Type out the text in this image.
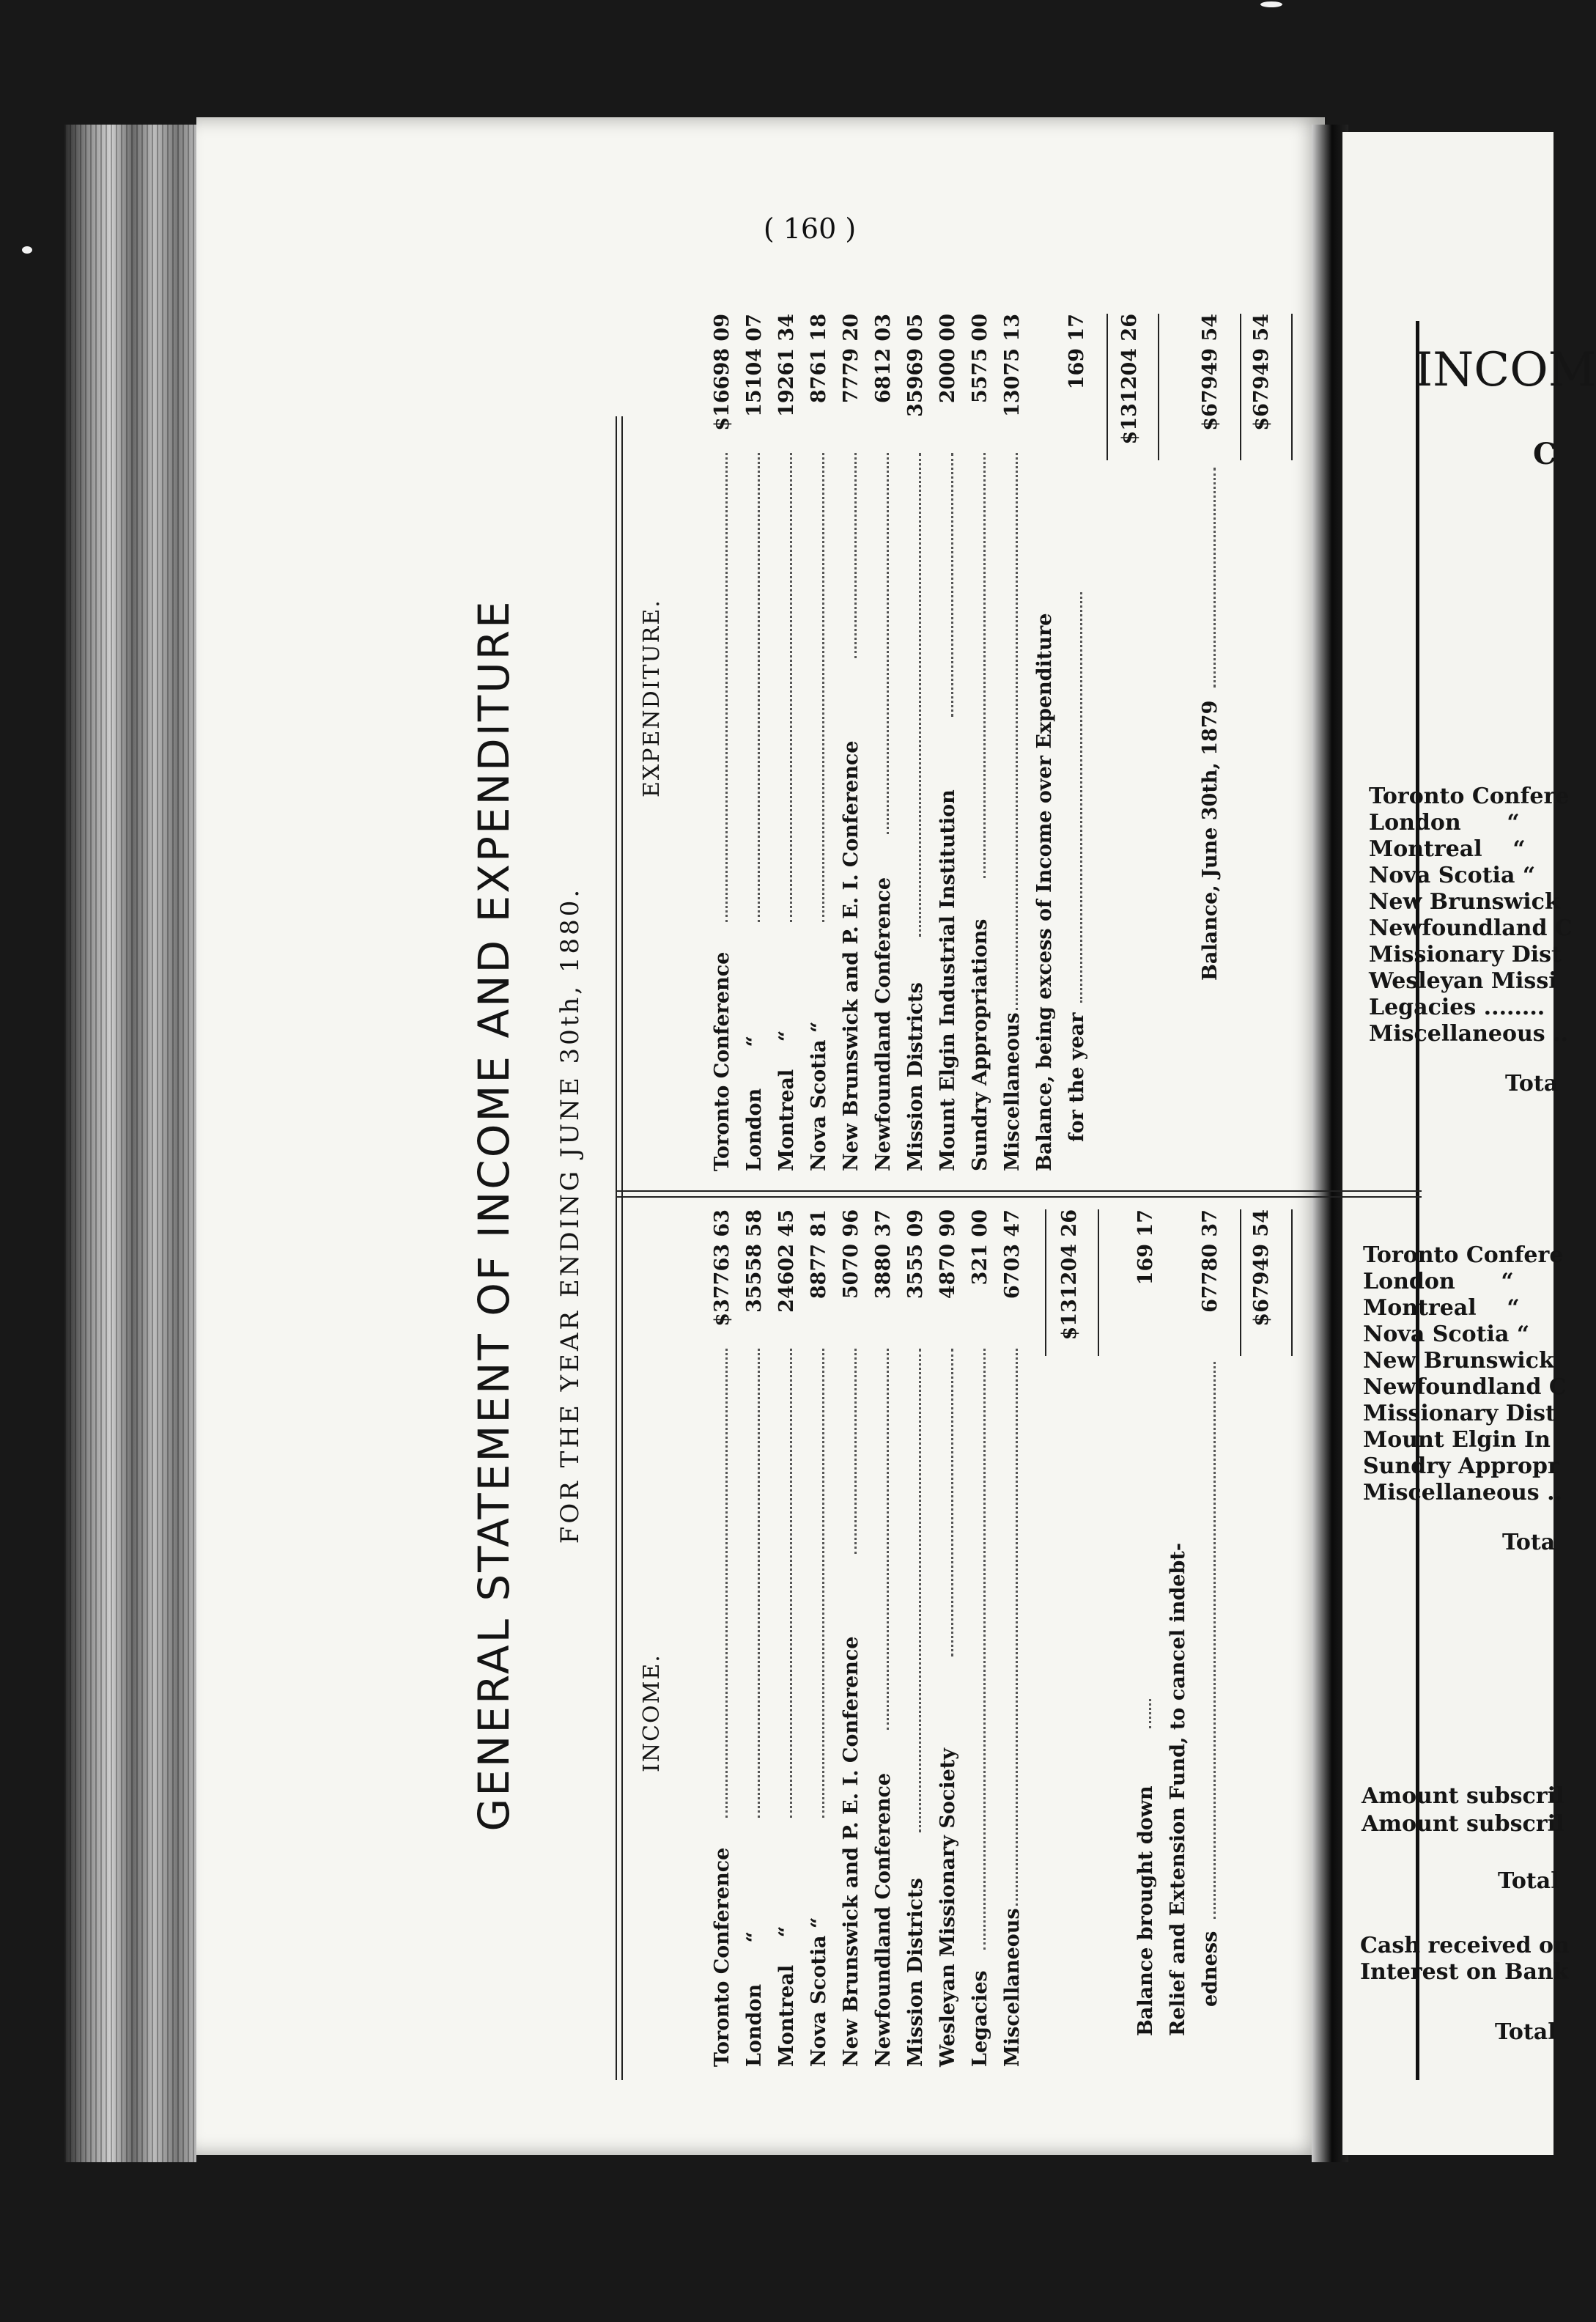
( 160 )
GENERAL STATEMENT OF INCOME AND EXPENDITURE FOR THE YEAR ENDING JUNE 30th, 1880.
INCOME.
EXPENDITURE.
Toronto Conference
$37763 63
London      “
35558 58
Montreal    “
24602 45
Nova Scotia “
8877 81
New Brunswick and P. E. I. Conference
5070 96
Newfoundland Conference
3880 37
Mission Districts
3555 09
Wesleyan Missionary Society
4870 90
Legacies
321 00
Miscellaneous
6703 47 $131204 26
Balance brought down
169 17
Relief and Extension Fund, to cancel indebt- edness
67780 37 $67949 54
Toronto Conference
$16698 09
London      “
15104 07
Montreal    “
19261 34
Nova Scotia “
8761 18
New Brunswick and P. E. I. Conference
7779 20
Newfoundland Conference
6812 03
Mission Districts
35969 05
Mount Elgin Industrial Institution
2000 00
Sundry Appropriations
5575 00
Miscellaneous
13075 13
Balance, being excess of Income over Expenditure for the year
169 17 $131204 26
Balance, June 30th, 1879
$67949 54 $67949 54	INCOM
C
Toronto Confere
London      “
Montreal    “
Nova Scotia “
New Brunswick
Newfoundland C
Missionary Dist
Wesleyan Missi
Legacies ........
Miscellaneous ..
Tota
Toronto Confere
London      “
Montreal    “
Nova Scotia “
New Brunswick
Newfoundland C
Missionary Dist
Mount Elgin In
Sundry Appropr
Miscellaneous ..
Tota
Amount subscril
Amount subscril
Total
Cash received on
Interest on Bank
Total
